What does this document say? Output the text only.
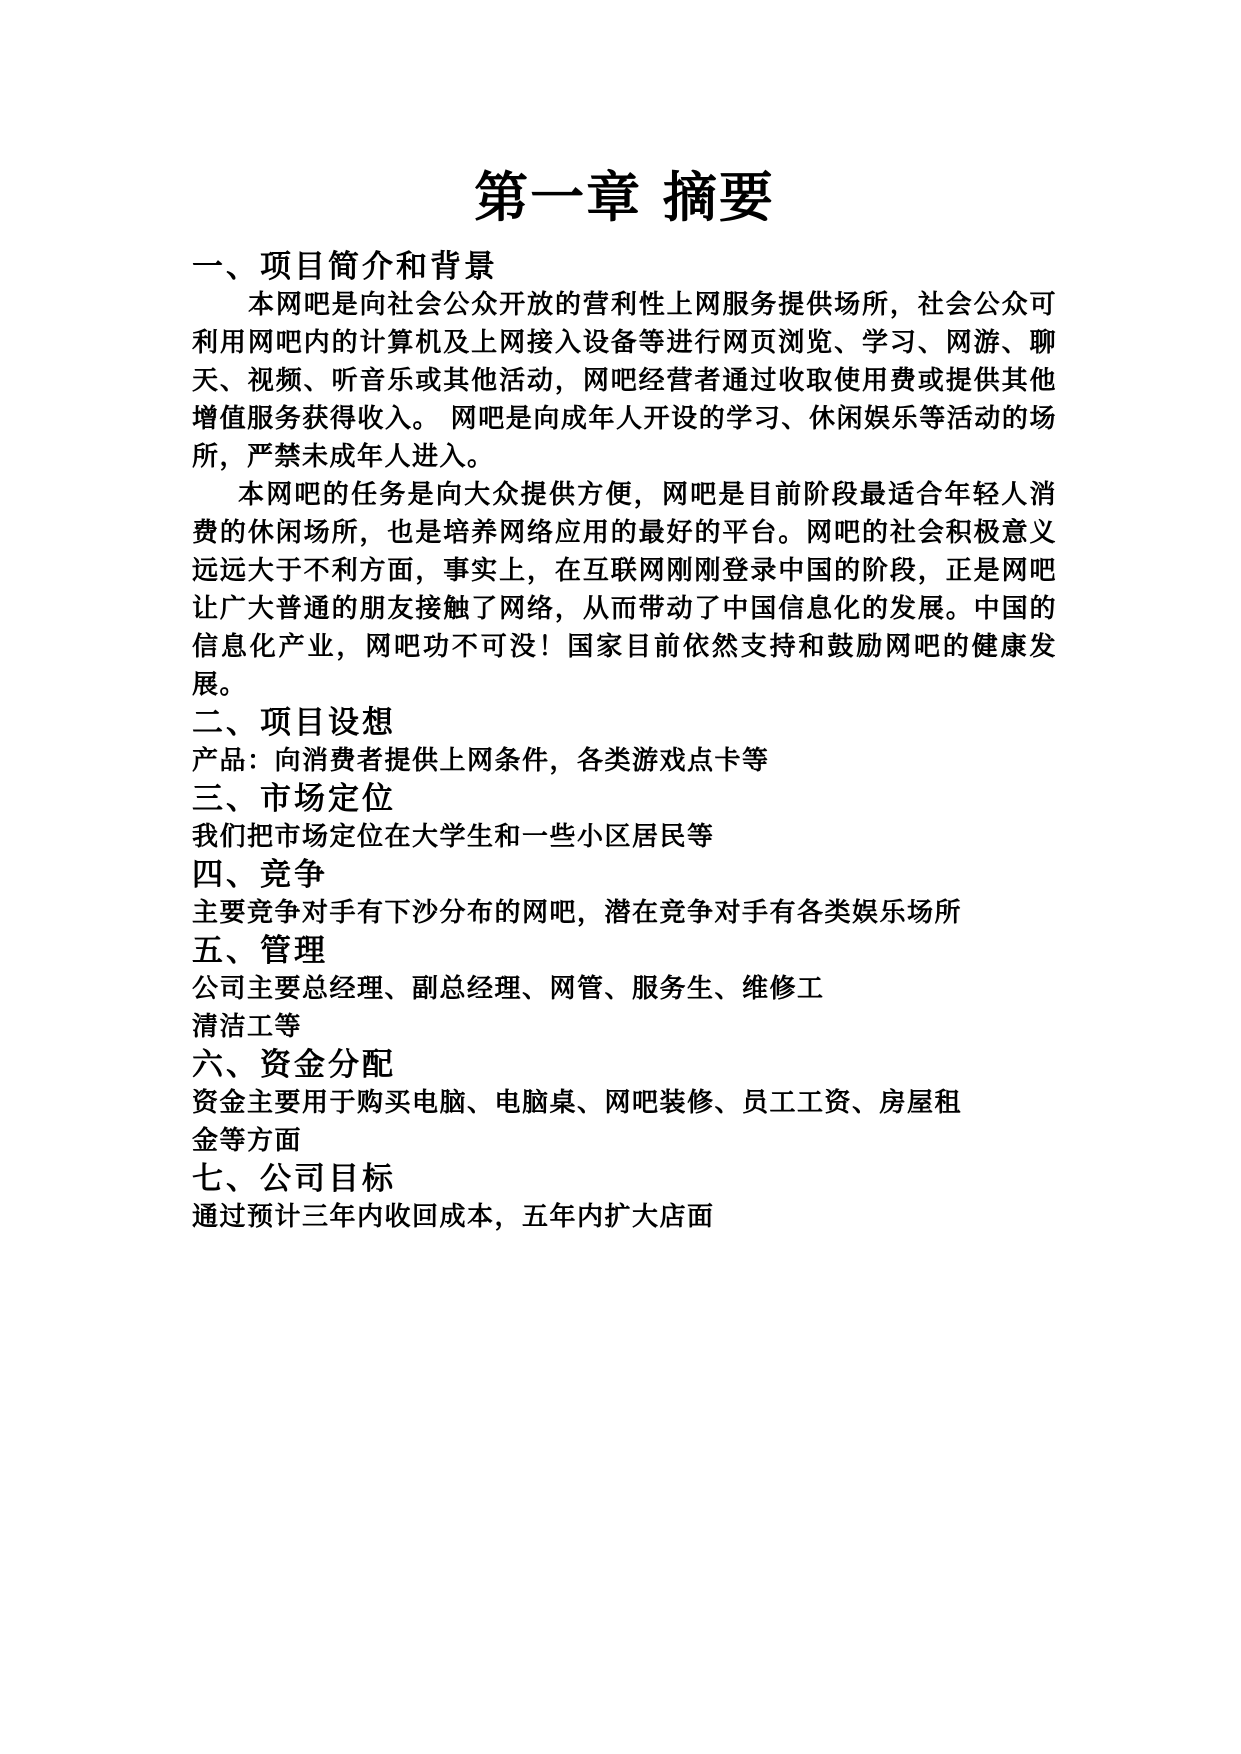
第一章 摘要
一、项目简介和背景

本网吧是向社会公众开放的营利性上网服务提供场所，社会公众可利用网吧内的计算机及上网接入设备等进行网页浏览、学习、网游、聊天、视频、听音乐或其他活动，网吧经营者通过收取使用费或提供其他增值服务获得收入。 网吧是向成年人开设的学习、休闲娱乐等活动的场所，严禁未成年人进入。

本网吧的任务是向大众提供方便，网吧是目前阶段最适合年轻人消费的休闲场所，也是培养网络应用的最好的平台。网吧的社会积极意义远远大于不利方面，事实上，在互联网刚刚登录中国的阶段，正是网吧让广大普通的朋友接触了网络，从而带动了中国信息化的发展。中国的信息化产业，网吧功不可没！国家目前依然支持和鼓励网吧的健康发展。

二、项目设想

产品：向消费者提供上网条件，各类游戏点卡等

三、市场定位

我们把市场定位在大学生和一些小区居民等

四、竞争

主要竞争对手有下沙分布的网吧，潜在竞争对手有各类娱乐场所

五、管理

公司主要总经理、副总经理、网管、服务生、维修工

清洁工等

六、资金分配

资金主要用于购买电脑、电脑桌、网吧装修、员工工资、房屋租

金等方面

七、公司目标

通过预计三年内收回成本，五年内扩大店面
